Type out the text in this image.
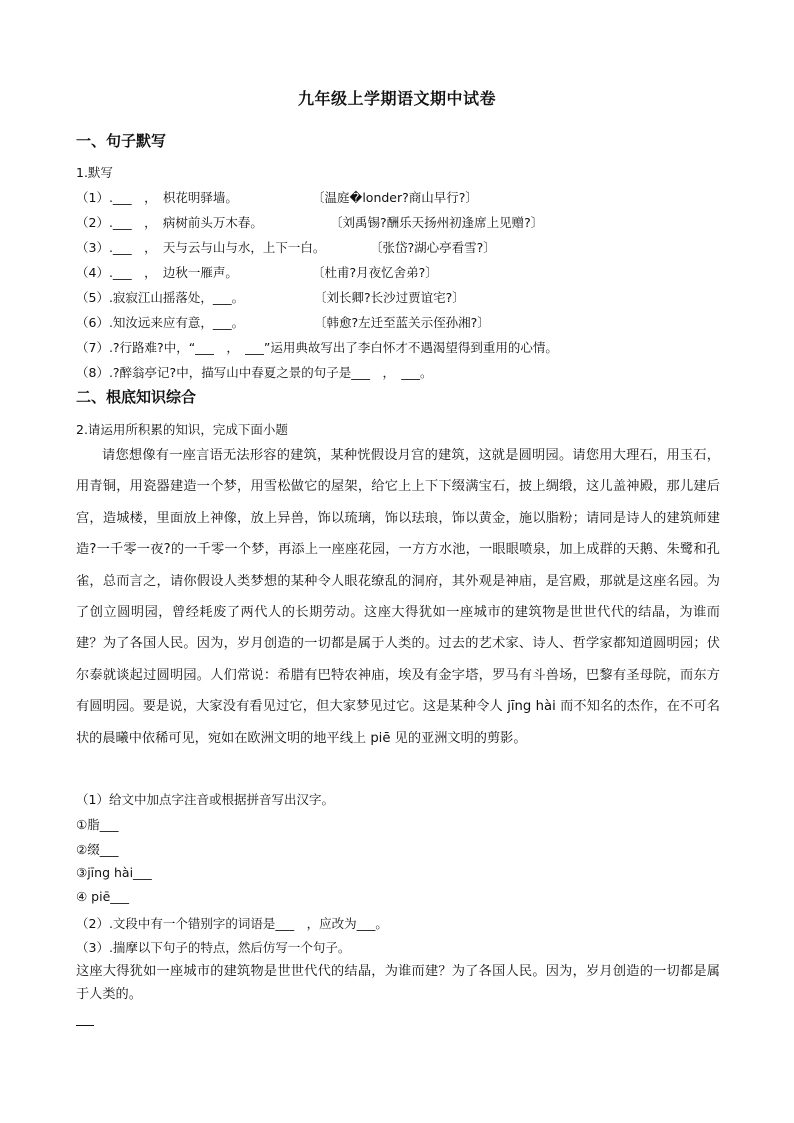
九年级上学期语文期中试卷
一、句子默写
1.默写
（1）.___　，　枳花明驿墙。	〔温庭�londer?商山早行?〕
（2）.___　，　病树前头万木春。	〔刘禹锡?酬乐天扬州初逢席上见赠?〕
（3）.___　，　天与云与山与水，上下一白。	〔张岱?湖心亭看雪?〕
（4）.___　，　边秋一雁声。	〔杜甫?月夜忆舍弟?〕
（5）.寂寂江山摇落处，___。	〔刘长卿?长沙过贾谊宅?〕
（6）.知汝远来应有意，___。	〔韩愈?左迁至蓝关示侄孙湘?〕
（7）.?行路难?中，“___　，　___”运用典故写出了李白怀才不遇渴望得到重用的心情。
（8）.?醉翁亭记?中，描写山中春夏之景的句子是___　，　___。
二、根底知识综合
2.请运用所积累的知识，完成下面小题
请您想像有一座言语无法形容的建筑，某种恍假设月宫的建筑，这就是圆明园。请您用大理石，用玉石，用青铜，用瓷器建造一个梦，用雪松做它的屋架，给它上上下下缀满宝石，披上绸缎，这儿盖神殿，那儿建后宫，造城楼，里面放上神像，放上异兽，饰以琉璃，饰以珐琅，饰以黄金，施以脂粉；请同是诗人的建筑师建造?一千零一夜?的一千零一个梦，再添上一座座花园，一方方水池，一眼眼喷泉，加上成群的天鹅、朱鹭和孔雀，总而言之，请你假设人类梦想的某种令人眼花缭乱的洞府，其外观是神庙，是宫殿，那就是这座名园。为了创立圆明园，曾经耗废了两代人的长期劳动。这座大得犹如一座城市的建筑物是世世代代的结晶，为谁而建？为了各国人民。因为，岁月创造的一切都是属于人类的。过去的艺术家、诗人、哲学家都知道圆明园；伏尔泰就谈起过圆明园。人们常说：希腊有巴特农神庙，埃及有金字塔，罗马有斗兽场，巴黎有圣母院，而东方有圆明园。要是说，大家没有看见过它，但大家梦见过它。这是某种令人 jīng hài 而不知名的杰作，在不可名状的晨曦中依稀可见，宛如在欧洲文明的地平线上 piē 见的亚洲文明的剪影。
（1）给文中加点字注音或根据拼音写出汉字。
①脂___
②缀___
③jīng hài___
④ piē___
（2）.文段中有一个错别字的词语是___　，应改为___。
（3）.揣摩以下句子的特点，然后仿写一个句子。
这座大得犹如一座城市的建筑物是世世代代的结晶，为谁而建？为了各国人民。因为，岁月创造的一切都是属于人类的。
